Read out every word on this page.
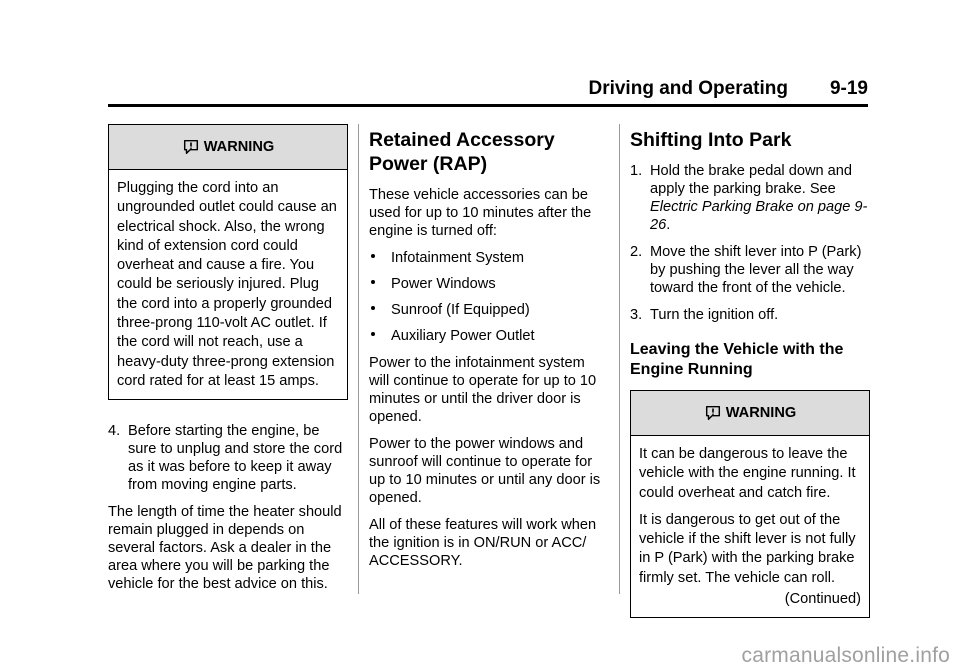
Driving and Operating 9-19
WARNING

Plugging the cord into an ungrounded outlet could cause an electrical shock. Also, the wrong kind of extension cord could overheat and cause a fire. You could be seriously injured. Plug the cord into a properly grounded three-prong 110-volt AC outlet. If the cord will not reach, use a heavy-duty three-prong extension cord rated for at least 15 amps.

4. Before starting the engine, be sure to unplug and store the cord as it was before to keep it away from moving engine parts.

The length of time the heater should remain plugged in depends on several factors. Ask a dealer in the area where you will be parking the vehicle for the best advice on this.

Retained Accessory Power (RAP)

These vehicle accessories can be used for up to 10 minutes after the engine is turned off:

Infotainment System
Power Windows
Sunroof (If Equipped)
Auxiliary Power Outlet

Power to the infotainment system will continue to operate for up to 10 minutes or until the driver door is opened.

Power to the power windows and sunroof will continue to operate for up to 10 minutes or until any door is opened.

All of these features will work when the ignition is in ON/RUN or ACC/ ACCESSORY.

Shifting Into Park
1. Hold the brake pedal down and apply the parking brake. See Electric Parking Brake on page 9-26.
2. Move the shift lever into P (Park) by pushing the lever all the way toward the front of the vehicle.
3. Turn the ignition off.
Leaving the Vehicle with the Engine Running
WARNING

It can be dangerous to leave the vehicle with the engine running. It could overheat and catch fire.

It is dangerous to get out of the vehicle if the shift lever is not fully in P (Park) with the parking brake firmly set. The vehicle can roll.

(Continued)
carmanualsonline.info
